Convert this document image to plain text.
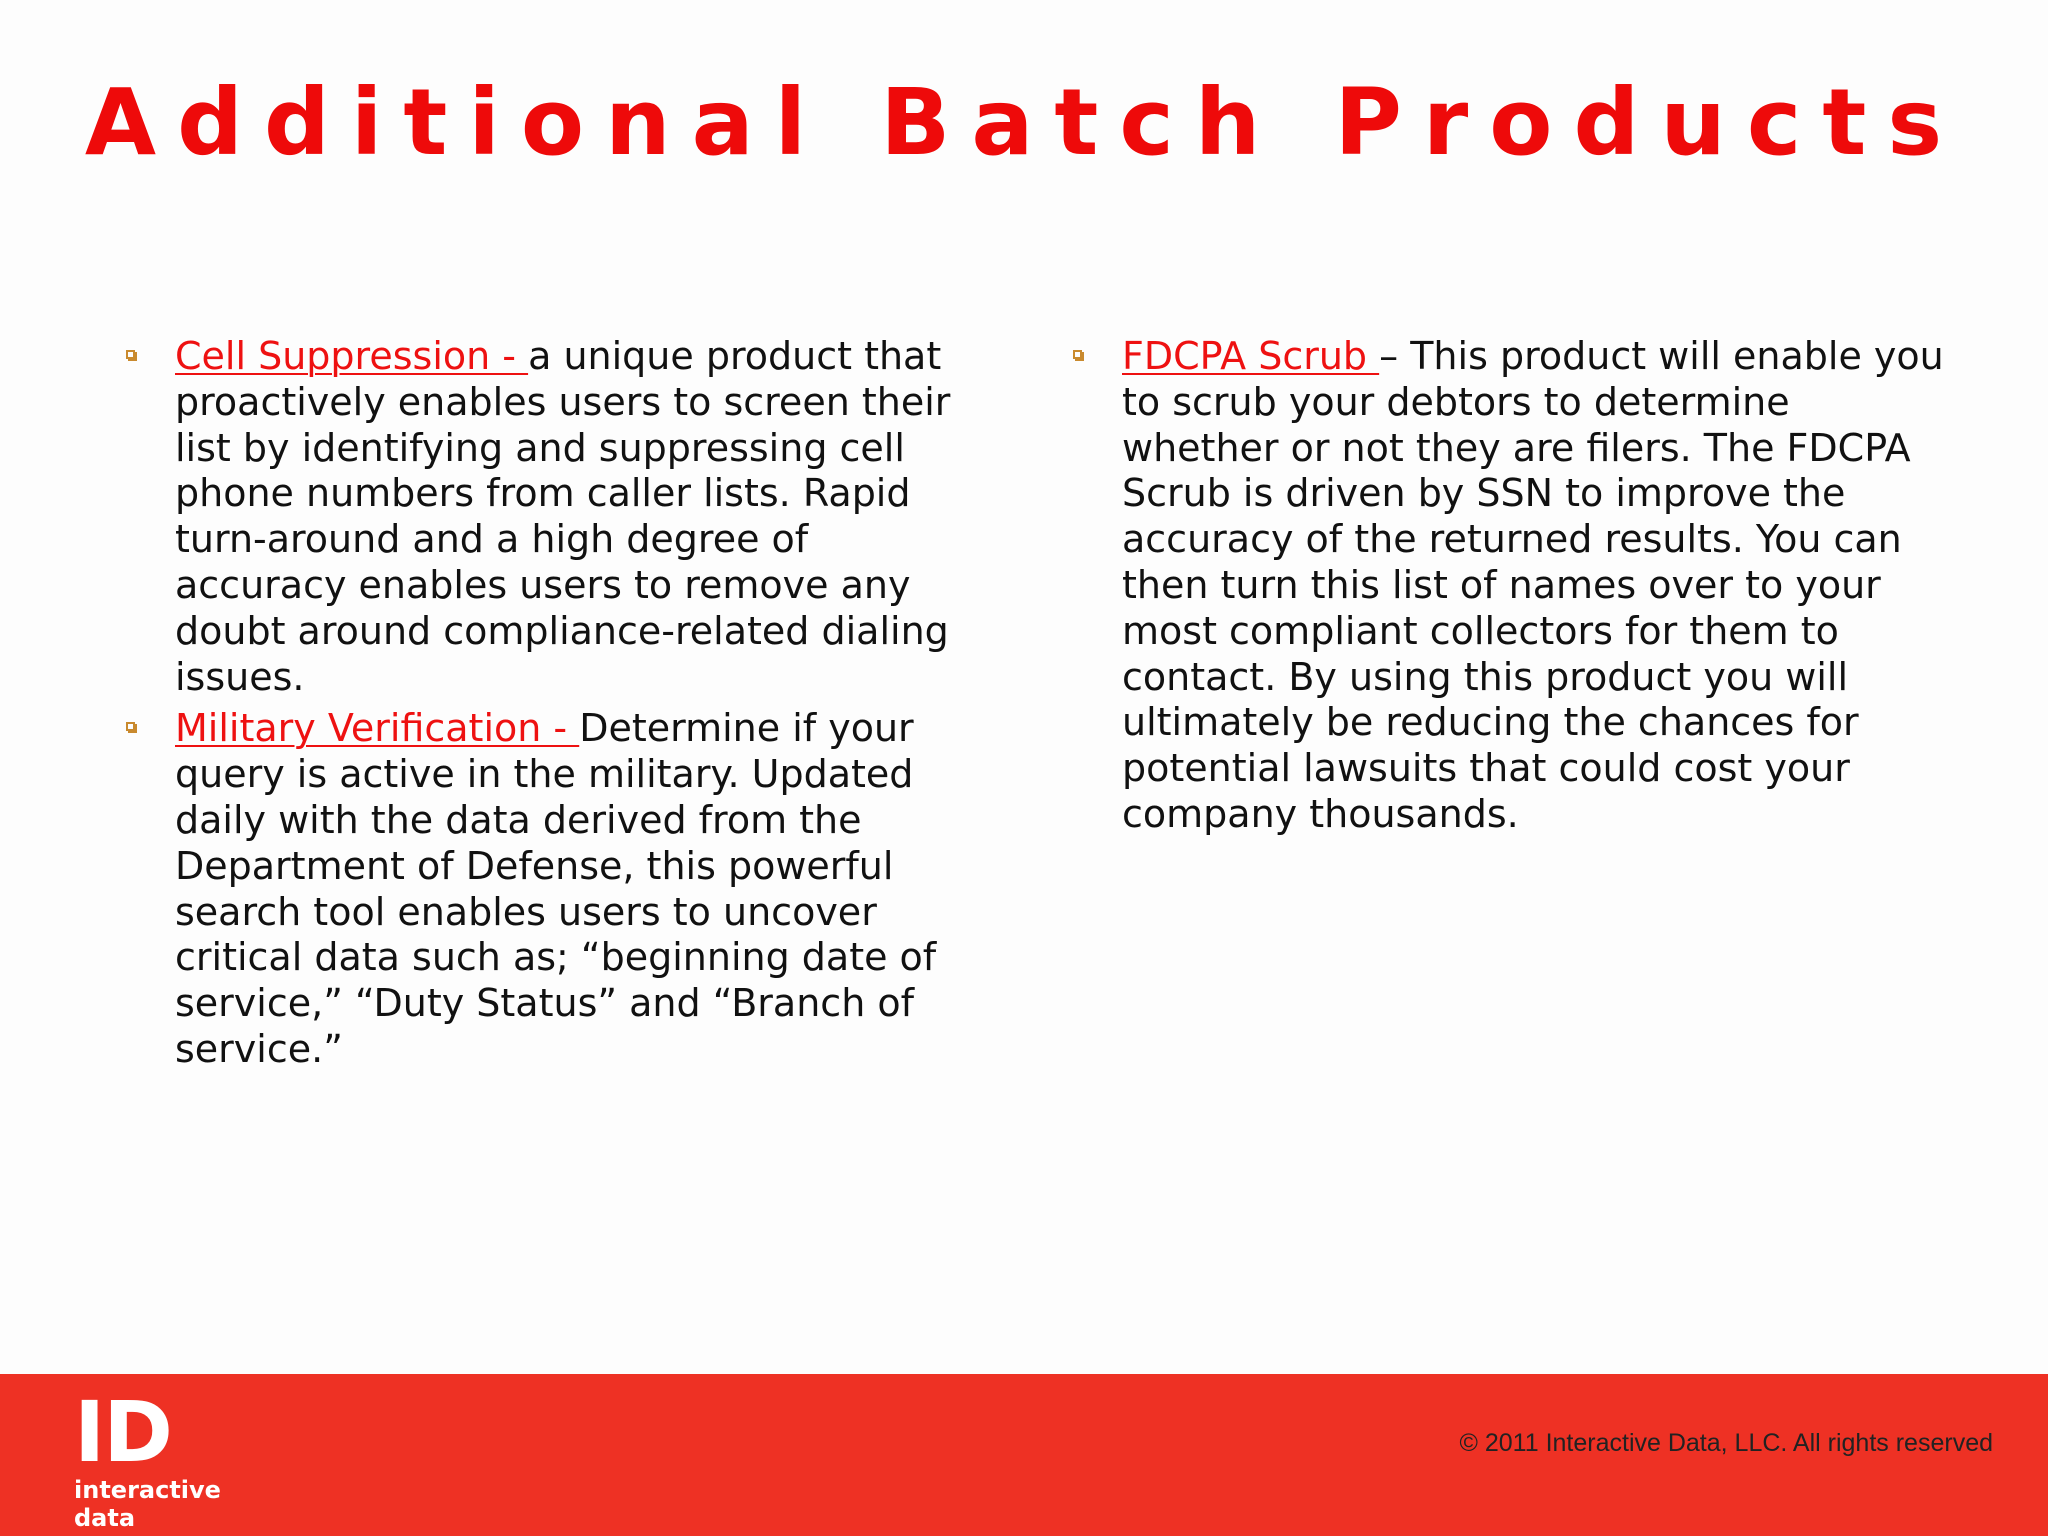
Additional Batch Products
Cell Suppression - a unique product that proactively enables users to screen their list by identifying and suppressing cell phone numbers from caller lists. Rapid turn-around and a high degree of accuracy enables users to remove any doubt around compliance-related dialing issues.
Military Verification - Determine if your query is active in the military. Updated daily with the data derived from the Department of Defense, this powerful search tool enables users to uncover critical data such as; “beginning date of service,” “Duty Status” and “Branch of service.”
FDCPA Scrub – This product will enable you to scrub your debtors to determine whether or not they are filers. The FDCPA Scrub is driven by SSN to improve the accuracy of the returned results. You can then turn this list of names over to your most compliant collectors for them to contact. By using this product you will ultimately be reducing the chances for potential lawsuits that could cost your company thousands.
ID
interactive
data
© 2011 Interactive Data, LLC. All rights reserved
